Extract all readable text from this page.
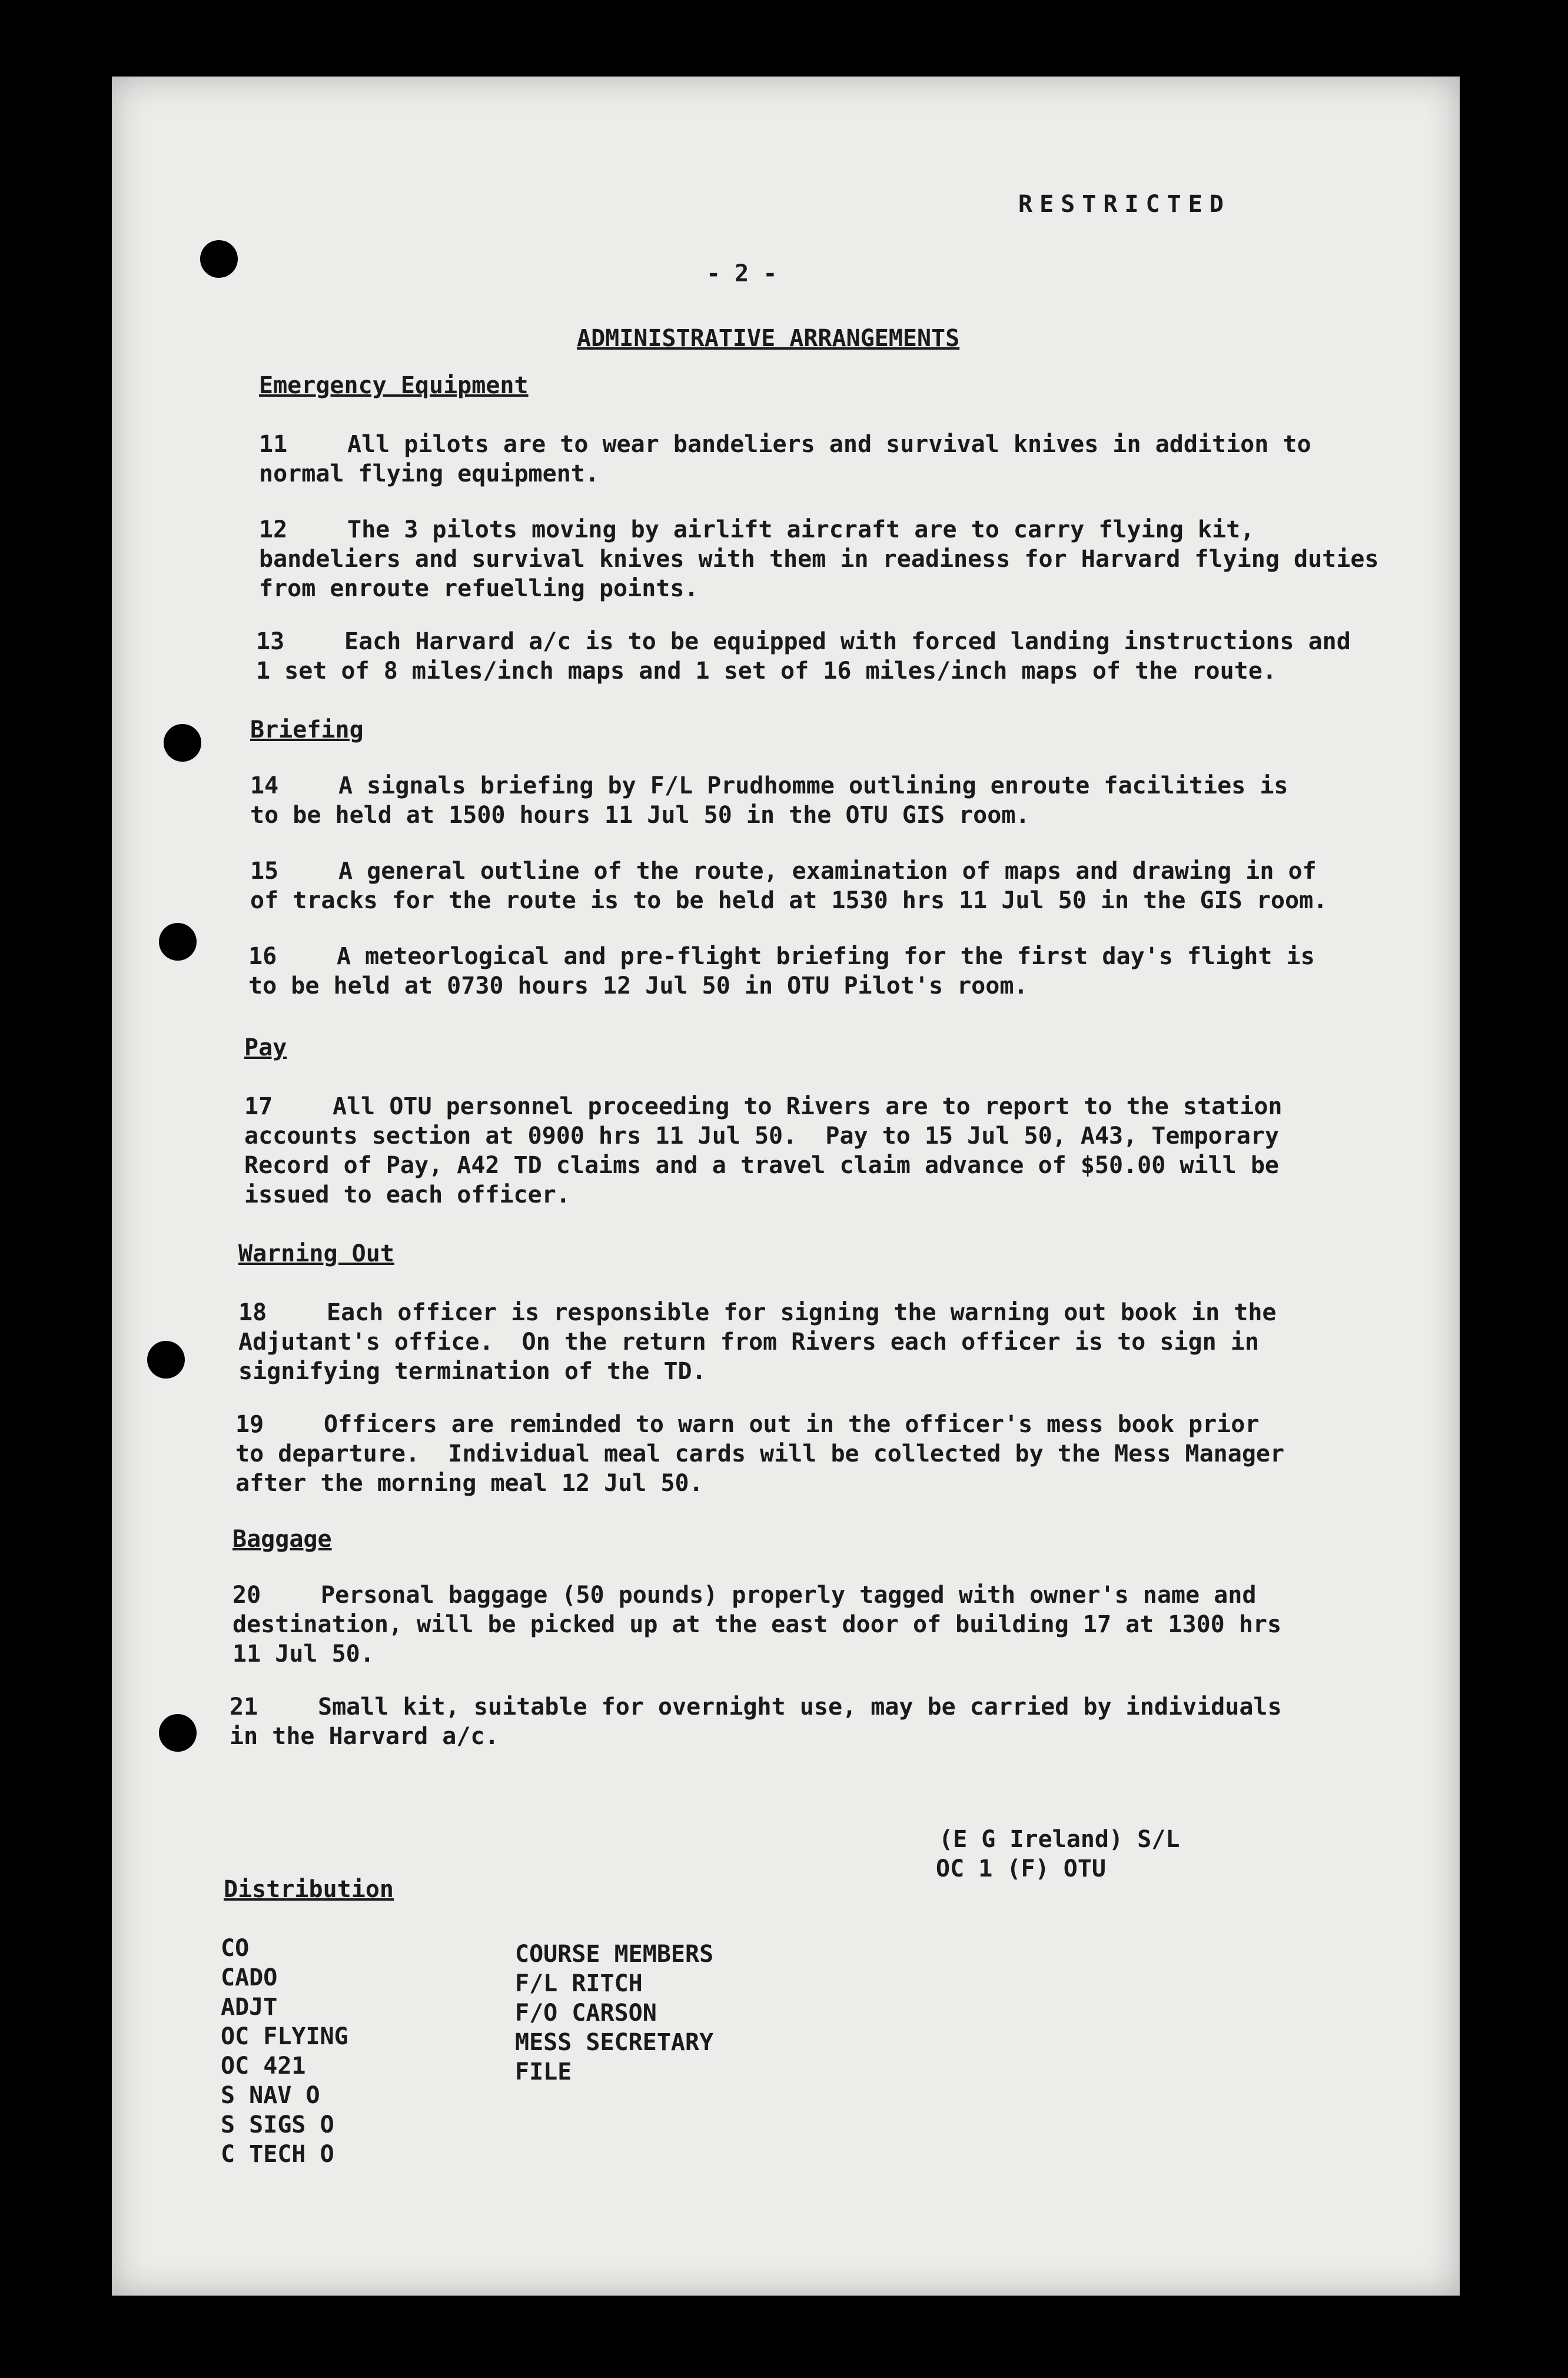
RESTRICTED

- 2 -

ADMINISTRATIVE ARRANGEMENTS

Emergency Equipment

11	All pilots are to wear bandeliers and survival knives in addition to
normal flying equipment.
12	The 3 pilots moving by airlift aircraft are to carry flying kit,
bandeliers and survival knives with them in readiness for Harvard flying duties
from enroute refuelling points.
13	Each Harvard a/c is to be equipped with forced landing instructions and
1 set of 8 miles/inch maps and 1 set of 16 miles/inch maps of the route.

Briefing

14	A signals briefing by F/L Prudhomme outlining enroute facilities is
to be held at 1500 hours 11 Jul 50 in the OTU GIS room.
15	A general outline of the route, examination of maps and drawing in of
of tracks for the route is to be held at 1530 hrs 11 Jul 50 in the GIS room.
16	A meteorlogical and pre-flight briefing for the first day's flight is
to be held at 0730 hours 12 Jul 50 in OTU Pilot's room.

Pay

17	All OTU personnel proceeding to Rivers are to report to the station
accounts section at 0900 hrs 11 Jul 50.  Pay to 15 Jul 50, A43, Temporary
Record of Pay, A42 TD claims and a travel claim advance of $50.00 will be
issued to each officer.

Warning Out

18	Each officer is responsible for signing the warning out book in the
Adjutant's office.  On the return from Rivers each officer is to sign in
signifying termination of the TD.
19	Officers are reminded to warn out in the officer's mess book prior
to departure.  Individual meal cards will be collected by the Mess Manager
after the morning meal 12 Jul 50.

Baggage

20	Personal baggage (50 pounds) properly tagged with owner's name and
destination, will be picked up at the east door of building 17 at 1300 hrs
11 Jul 50.
21	Small kit, suitable for overnight use, may be carried by individuals
in the Harvard a/c.

(E G Ireland) S/L

OC 1 (F) OTU

Distribution

CO
CADO
ADJT
OC FLYING
OC 421
S NAV O
S SIGS O
C TECH O
COURSE MEMBERS
F/L RITCH
F/O CARSON
MESS SECRETARY
FILE
